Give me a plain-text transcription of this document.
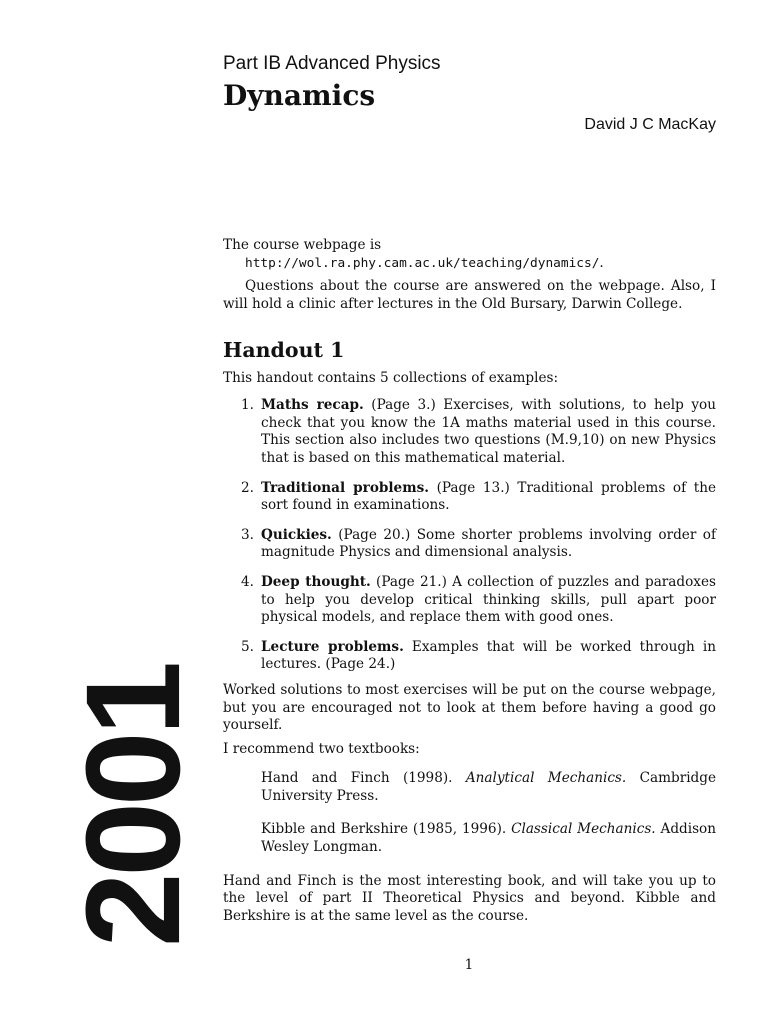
Part IB Advanced Physics
Dynamics
David J C MacKay

The course webpage is

http://wol.ra.phy.cam.ac.uk/teaching/dynamics/.

Questions about the course are answered on the webpage. Also, I will hold a clinic after lectures in the Old Bursary, Darwin College.

Handout 1

This handout contains 5 collections of examples:

1. Maths recap. (Page 3.) Exercises, with solutions, to help you check that you know the 1A maths material used in this course. This section also includes two questions (M.9,10) on new Physics that is based on this mathematical material.
2. Traditional problems. (Page 13.) Traditional problems of the sort found in examinations.
3. Quickies. (Page 20.) Some shorter problems involving order of magnitude Physics and dimensional analysis.
4. Deep thought. (Page 21.) A collection of puzzles and paradoxes to help you develop critical thinking skills, pull apart poor physical models, and replace them with good ones.
5. Lecture problems. Examples that will be worked through in lectures. (Page 24.)

Worked solutions to most exercises will be put on the course webpage, but you are encouraged not to look at them before having a good go yourself.

I recommend two textbooks:

Hand and Finch (1998). Analytical Mechanics. Cambridge University Press.

Kibble and Berkshire (1985, 1996). Classical Mechanics. Addison Wesley Longman.

Hand and Finch is the most interesting book, and will take you up to the level of part II Theoretical Physics and beyond. Kibble and Berkshire is at the same level as the course.

2001
1
